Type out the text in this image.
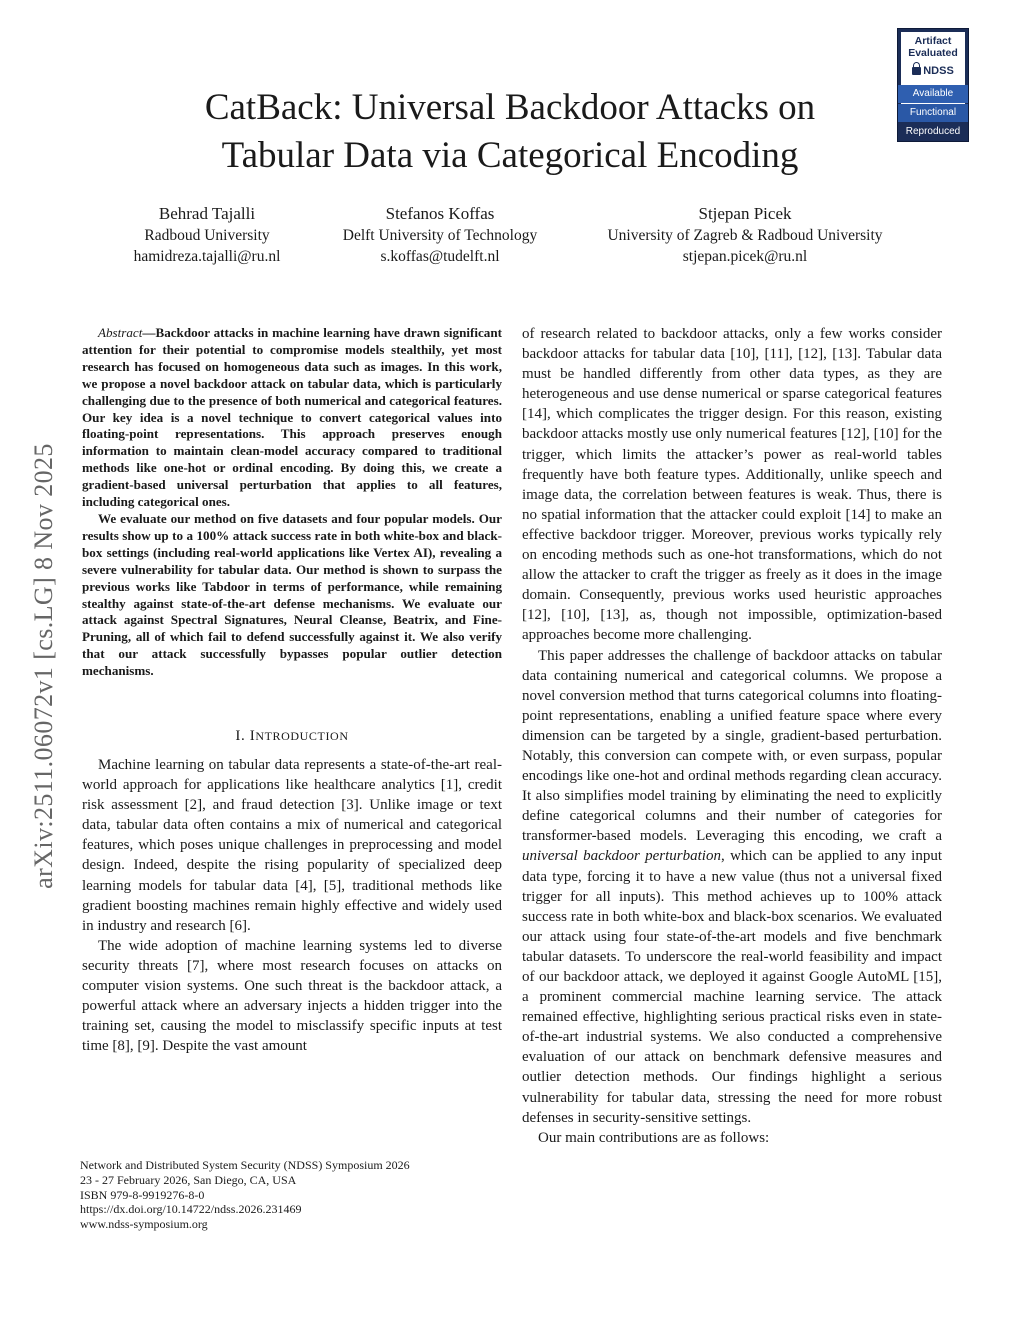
CatBack: Universal Backdoor Attacks on
Tabular Data via Categorical Encoding
Artifact
Evaluated
NDSS
Available
Functional
Reproduced
Behrad Tajalli
Radboud University
hamidreza.tajalli@ru.nl
Stefanos Koffas
Delft University of Technology
s.koffas@tudelft.nl
Stjepan Picek
University of Zagreb & Radboud University
stjepan.picek@ru.nl
arXiv:2511.06072v1 [cs.LG] 8 Nov 2025

Abstract—Backdoor attacks in machine learning have drawn significant attention for their potential to compromise models stealthily, yet most research has focused on homogeneous data such as images. In this work, we propose a novel backdoor attack on tabular data, which is particularly challenging due to the presence of both numerical and categorical features. Our key idea is a novel technique to convert categorical values into floating-point representations. This approach preserves enough information to maintain clean-model accuracy compared to traditional methods like one-hot or ordinal encoding. By doing this, we create a gradient-based universal perturbation that applies to all features, including categorical ones.

We evaluate our method on five datasets and four popular models. Our results show up to a 100% attack success rate in both white-box and black-box settings (including real-world applications like Vertex AI), revealing a severe vulnerability for tabular data. Our method is shown to surpass the previous works like Tabdoor in terms of performance, while remaining stealthy against state-of-the-art defense mechanisms. We evaluate our attack against Spectral Signatures, Neural Cleanse, Beatrix, and Fine-Pruning, all of which fail to defend successfully against it. We also verify that our attack successfully bypasses popular outlier detection mechanisms.

I. INTRODUCTION

Machine learning on tabular data represents a state-of-the-art real-world approach for applications like healthcare analytics [1], credit risk assessment [2], and fraud detection [3]. Unlike image or text data, tabular data often contains a mix of numerical and categorical features, which poses unique challenges in preprocessing and model design. Indeed, despite the rising popularity of specialized deep learning models for tabular data [4], [5], traditional methods like gradient boosting machines remain highly effective and widely used in industry and research [6].

The wide adoption of machine learning systems led to diverse security threats [7], where most research focuses on attacks on computer vision systems. One such threat is the backdoor attack, a powerful attack where an adversary injects a hidden trigger into the training set, causing the model to misclassify specific inputs at test time [8], [9]. Despite the vast amount

of research related to backdoor attacks, only a few works consider backdoor attacks for tabular data [10], [11], [12], [13]. Tabular data must be handled differently from other data types, as they are heterogeneous and use dense numerical or sparse categorical features [14], which complicates the trigger design. For this reason, existing backdoor attacks mostly use only numerical features [12], [10] for the trigger, which limits the attacker’s power as real-world tables frequently have both feature types. Additionally, unlike speech and image data, the correlation between features is weak. Thus, there is no spatial information that the attacker could exploit [14] to make an effective backdoor trigger. Moreover, previous works typically rely on encoding methods such as one-hot transformations, which do not allow the attacker to craft the trigger as freely as it does in the image domain. Consequently, previous works used heuristic approaches [12], [10], [13], as, though not impossible, optimization-based approaches become more challenging.

This paper addresses the challenge of backdoor attacks on tabular data containing numerical and categorical columns. We propose a novel conversion method that turns categorical columns into floating-point representations, enabling a unified feature space where every dimension can be targeted by a single, gradient-based perturbation. Notably, this conversion can compete with, or even surpass, popular encodings like one-hot and ordinal methods regarding clean accuracy. It also simplifies model training by eliminating the need to explicitly define categorical columns and their number of categories for transformer-based models. Leveraging this encoding, we craft a universal backdoor perturbation, which can be applied to any input data type, forcing it to have a new value (thus not a universal fixed trigger for all inputs). This method achieves up to 100% attack success rate in both white-box and black-box scenarios. We evaluated our attack using four state-of-the-art models and five benchmark tabular datasets. To underscore the real-world feasibility and impact of our backdoor attack, we deployed it against Google AutoML [15], a prominent commercial machine learning service. The attack remained effective, highlighting serious practical risks even in state-of-the-art industrial systems. We also conducted a comprehensive evaluation of our attack on benchmark defensive measures and outlier detection methods. Our findings highlight a serious vulnerability for tabular data, stressing the need for more robust defenses in security-sensitive settings.

Our main contributions are as follows:

Network and Distributed System Security (NDSS) Symposium 2026
23 - 27 February 2026, San Diego, CA, USA
ISBN 979-8-9919276-8-0
https://dx.doi.org/10.14722/ndss.2026.231469
www.ndss-symposium.org
